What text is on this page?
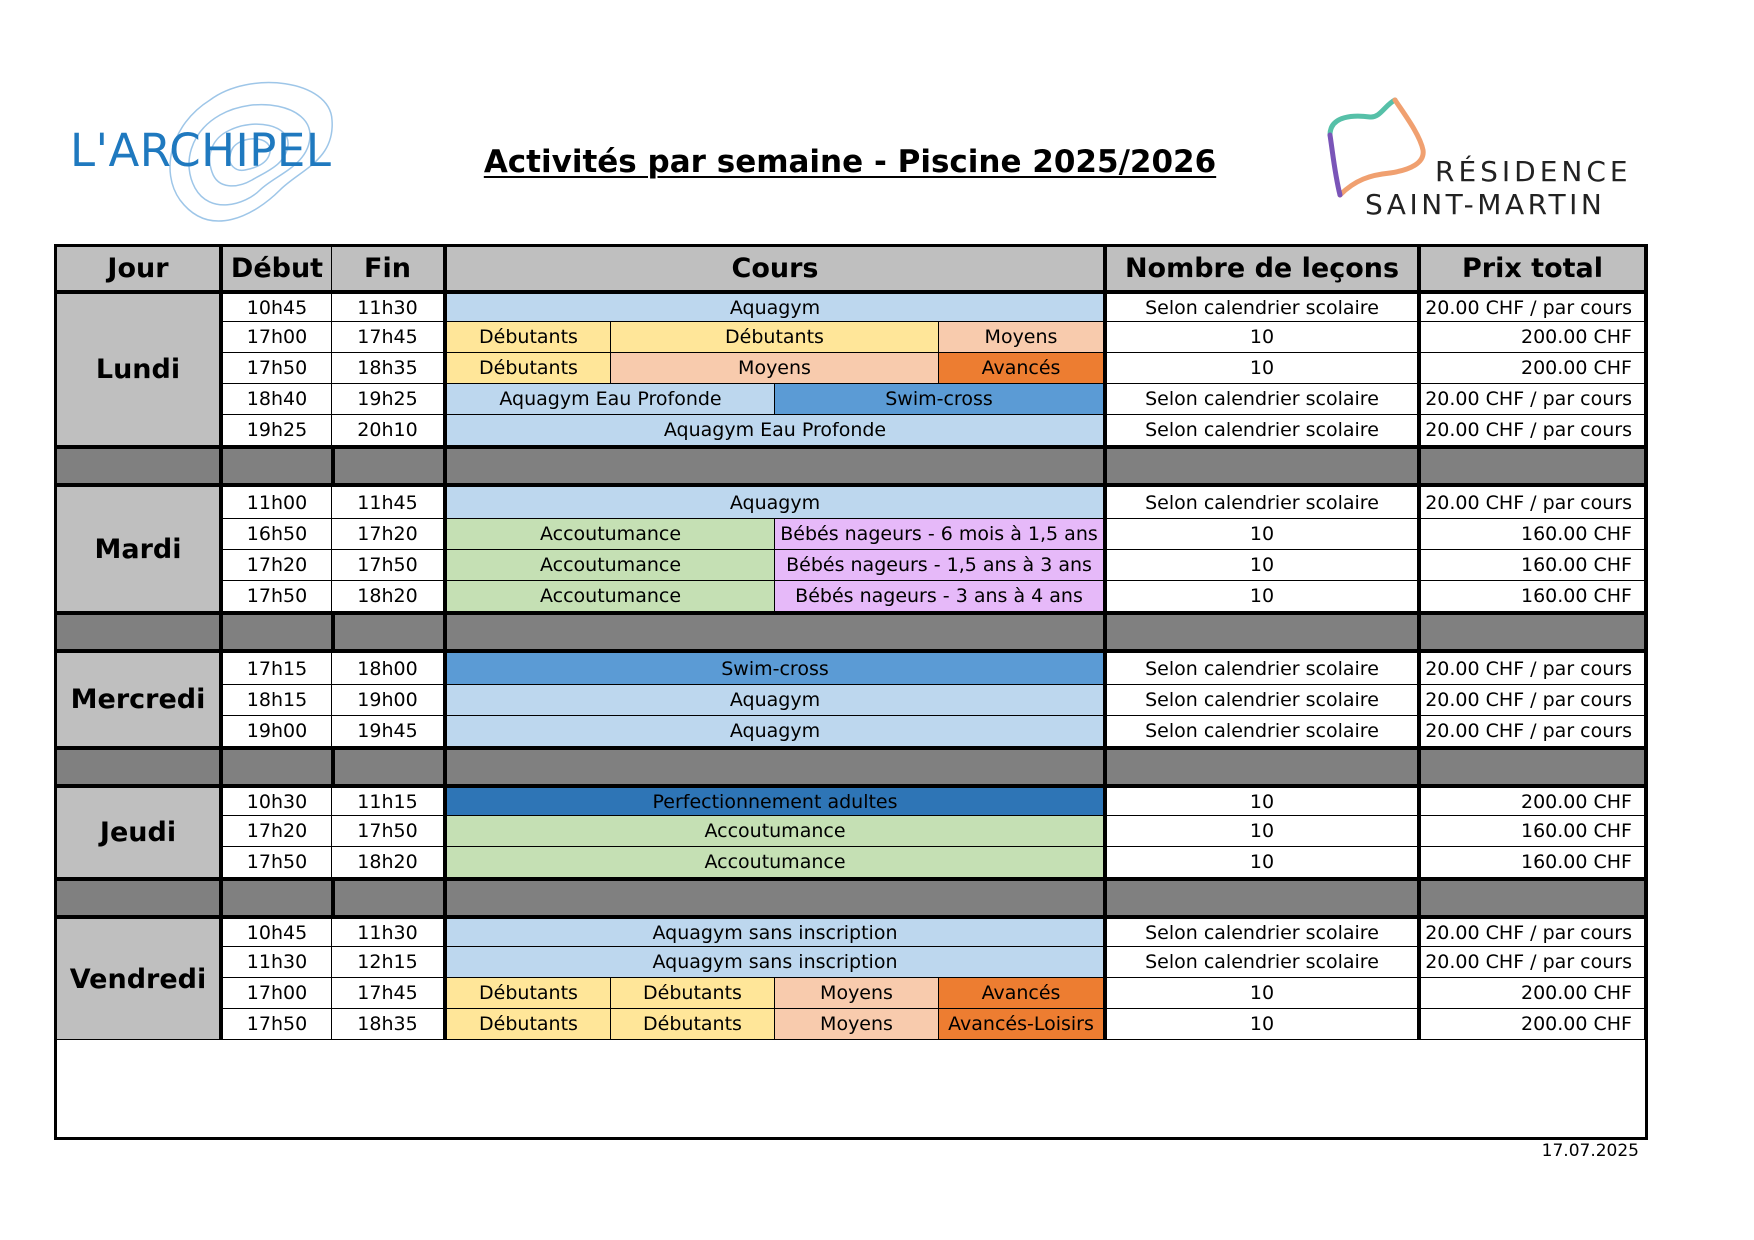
L'ARCHIPEL	Activités par semaine - Piscine 2025/2026	RÉSIDENCE
SAINT-MARTIN
Jour	Début	Fin	Cours	Nombre de leçons	Prix total
Lundi
10h45	11h30	Aquagym	Selon calendrier scolaire	20.00 CHF / par cours
17h00	17h45	Débutants	Débutants	Moyens	10	200.00 CHF
17h50	18h35	Débutants	Moyens	Avancés	10	200.00 CHF
18h40	19h25	Aquagym Eau Profonde	Swim-cross	Selon calendrier scolaire	20.00 CHF / par cours
19h25	20h10	Aquagym Eau Profonde	Selon calendrier scolaire	20.00 CHF / par cours
Mardi
11h00	11h45	Aquagym	Selon calendrier scolaire	20.00 CHF / par cours
16h50	17h20	Accoutumance	Bébés nageurs - 6 mois à 1,5 ans	10	160.00 CHF
17h20	17h50	Accoutumance	Bébés nageurs - 1,5 ans à 3 ans	10	160.00 CHF
17h50	18h20	Accoutumance	Bébés nageurs - 3 ans à 4 ans	10	160.00 CHF
Mercredi
17h15	18h00	Swim-cross	Selon calendrier scolaire	20.00 CHF / par cours
18h15	19h00	Aquagym	Selon calendrier scolaire	20.00 CHF / par cours
19h00	19h45	Aquagym	Selon calendrier scolaire	20.00 CHF / par cours
Jeudi
10h30	11h15	Perfectionnement adultes	10	200.00 CHF
17h20	17h50	Accoutumance	10	160.00 CHF
17h50	18h20	Accoutumance	10	160.00 CHF
Vendredi
10h45	11h30	Aquagym sans inscription	Selon calendrier scolaire	20.00 CHF / par cours
11h30	12h15	Aquagym sans inscription	Selon calendrier scolaire	20.00 CHF / par cours
17h00	17h45	Débutants	Débutants	Moyens	Avancés	10	200.00 CHF
17h50	18h35	Débutants	Débutants	Moyens	Avancés-Loisirs	10	200.00 CHF
17.07.2025
